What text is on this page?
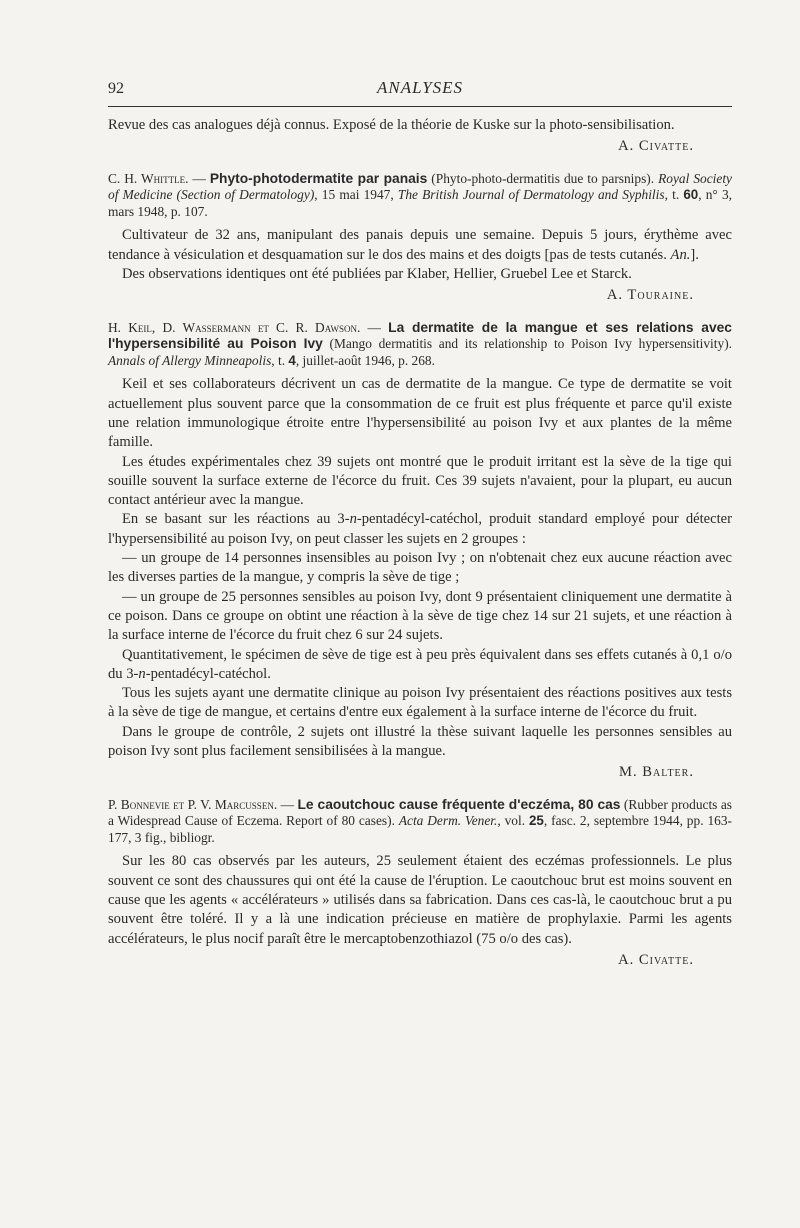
92	ANALYSES

Revue des cas analogues déjà connus. Exposé de la théorie de Kuske sur la photo-sensibilisation.

A. Civatte.

C. H. Whittle. — Phyto-photodermatite par panais (Phyto-photo-dermatitis due to parsnips). Royal Society of Medicine (Section of Dermatology), 15 mai 1947, The British Journal of Dermatology and Syphilis, t. 60, n° 3, mars 1948, p. 107.

Cultivateur de 32 ans, manipulant des panais depuis une semaine. Depuis 5 jours, érythème avec tendance à vésiculation et desquamation sur le dos des mains et des doigts [pas de tests cutanés. An.].

Des observations identiques ont été publiées par Klaber, Hellier, Gruebel Lee et Starck.

A. Touraine.

H. Keil, D. Wassermann et C. R. Dawson. — La dermatite de la mangue et ses relations avec l'hypersensibilité au Poison Ivy (Mango dermatitis and its relationship to Poison Ivy hypersensitivity). Annals of Allergy Minneapolis, t. 4, juillet-août 1946, p. 268.

Keil et ses collaborateurs décrivent un cas de dermatite de la mangue. Ce type de dermatite se voit actuellement plus souvent parce que la consommation de ce fruit est plus fréquente et parce qu'il existe une relation immunologique étroite entre l'hypersensibilité au poison Ivy et aux plantes de la même famille.

Les études expérimentales chez 39 sujets ont montré que le produit irritant est la sève de la tige qui souille souvent la surface externe de l'écorce du fruit. Ces 39 sujets n'avaient, pour la plupart, eu aucun contact antérieur avec la mangue.

En se basant sur les réactions au 3-n-pentadécyl-catéchol, produit standard employé pour détecter l'hypersensibilité au poison Ivy, on peut classer les sujets en 2 groupes :

— un groupe de 14 personnes insensibles au poison Ivy ; on n'obtenait chez eux aucune réaction avec les diverses parties de la mangue, y compris la sève de tige ;

— un groupe de 25 personnes sensibles au poison Ivy, dont 9 présentaient cliniquement une dermatite à ce poison. Dans ce groupe on obtint une réaction à la sève de tige chez 14 sur 21 sujets, et une réaction à la surface interne de l'écorce du fruit chez 6 sur 24 sujets.

Quantitativement, le spécimen de sève de tige est à peu près équivalent dans ses effets cutanés à 0,1 o/o du 3-n-pentadécyl-catéchol.

Tous les sujets ayant une dermatite clinique au poison Ivy présentaient des réactions positives aux tests à la sève de tige de mangue, et certains d'entre eux également à la surface interne de l'écorce du fruit.

Dans le groupe de contrôle, 2 sujets ont illustré la thèse suivant laquelle les personnes sensibles au poison Ivy sont plus facilement sensibilisées à la mangue.

M. Balter.

P. Bonnevie et P. V. Marcussen. — Le caoutchouc cause fréquente d'eczéma, 80 cas (Rubber products as a Widespread Cause of Eczema. Report of 80 cases). Acta Derm. Vener., vol. 25, fasc. 2, septembre 1944, pp. 163-177, 3 fig., bibliogr.

Sur les 80 cas observés par les auteurs, 25 seulement étaient des eczémas professionnels. Le plus souvent ce sont des chaussures qui ont été la cause de l'éruption. Le caoutchouc brut est moins souvent en cause que les agents « accélérateurs » utilisés dans sa fabrication. Dans ces cas-là, le caoutchouc brut a pu souvent être toléré. Il y a là une indication précieuse en matière de prophylaxie. Parmi les agents accélérateurs, le plus nocif paraît être le mercaptobenzothiazol (75 o/o des cas).

A. Civatte.
